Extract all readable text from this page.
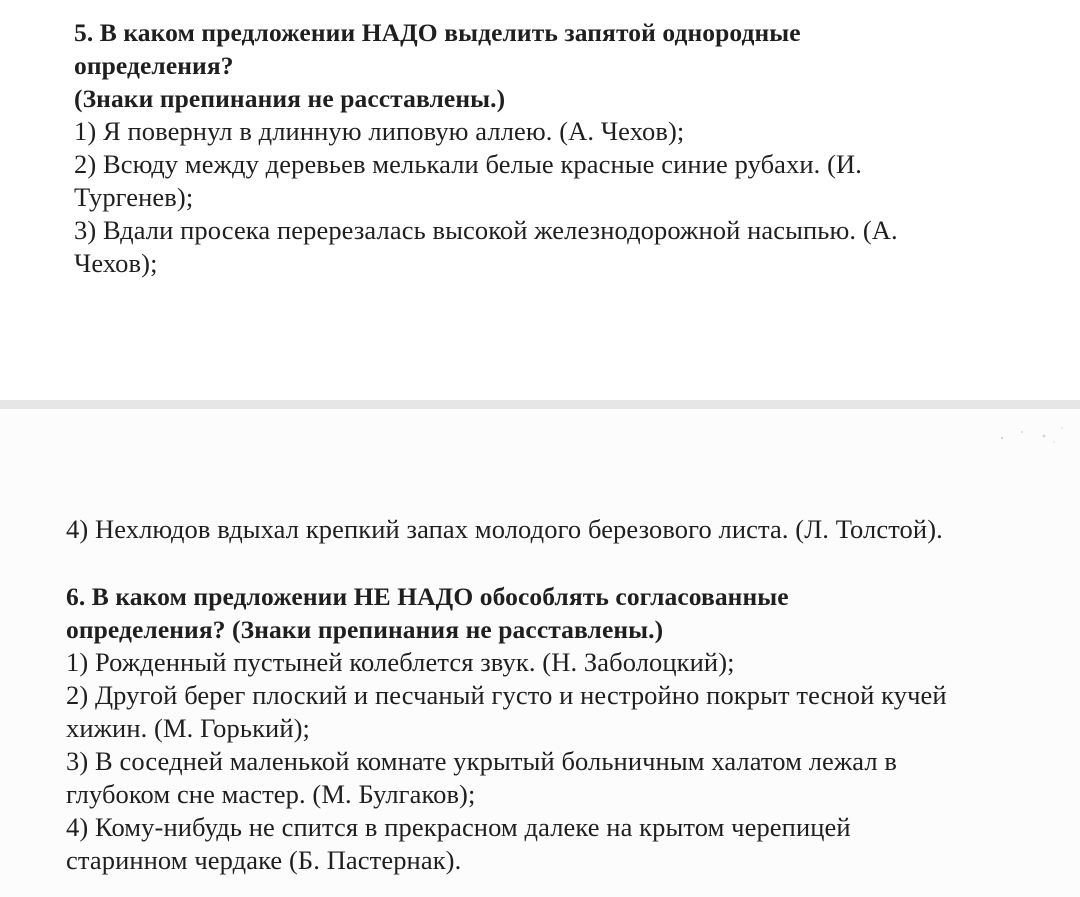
5. В каком предложении НАДО выделить запятой однородные

определения?

(Знаки препинания не расставлены.)

1) Я повернул в длинную липовую аллею. (А. Чехов);

2) Всюду между деревьев мелькали белые красные синие рубахи. (И.

Тургенев);

3) Вдали просека перерезалась высокой железнодорожной насыпью. (А.

Чехов);

4) Нехлюдов вдыхал крепкий запах молодого березового листа. (Л. Толстой).

6. В каком предложении НЕ НАДО обособлять согласованные

определения? (Знаки препинания не расставлены.)

1) Рожденный пустыней колеблется звук. (Н. Заболоцкий);

2) Другой берег плоский и песчаный густо и нестройно покрыт тесной кучей

хижин. (М. Горький);

3) В соседней маленькой комнате укрытый больничным халатом лежал в

глубоком сне мастер. (М. Булгаков);

4) Кому-нибудь не спится в прекрасном далеке на крытом черепицей

старинном чердаке (Б. Пастернак).
